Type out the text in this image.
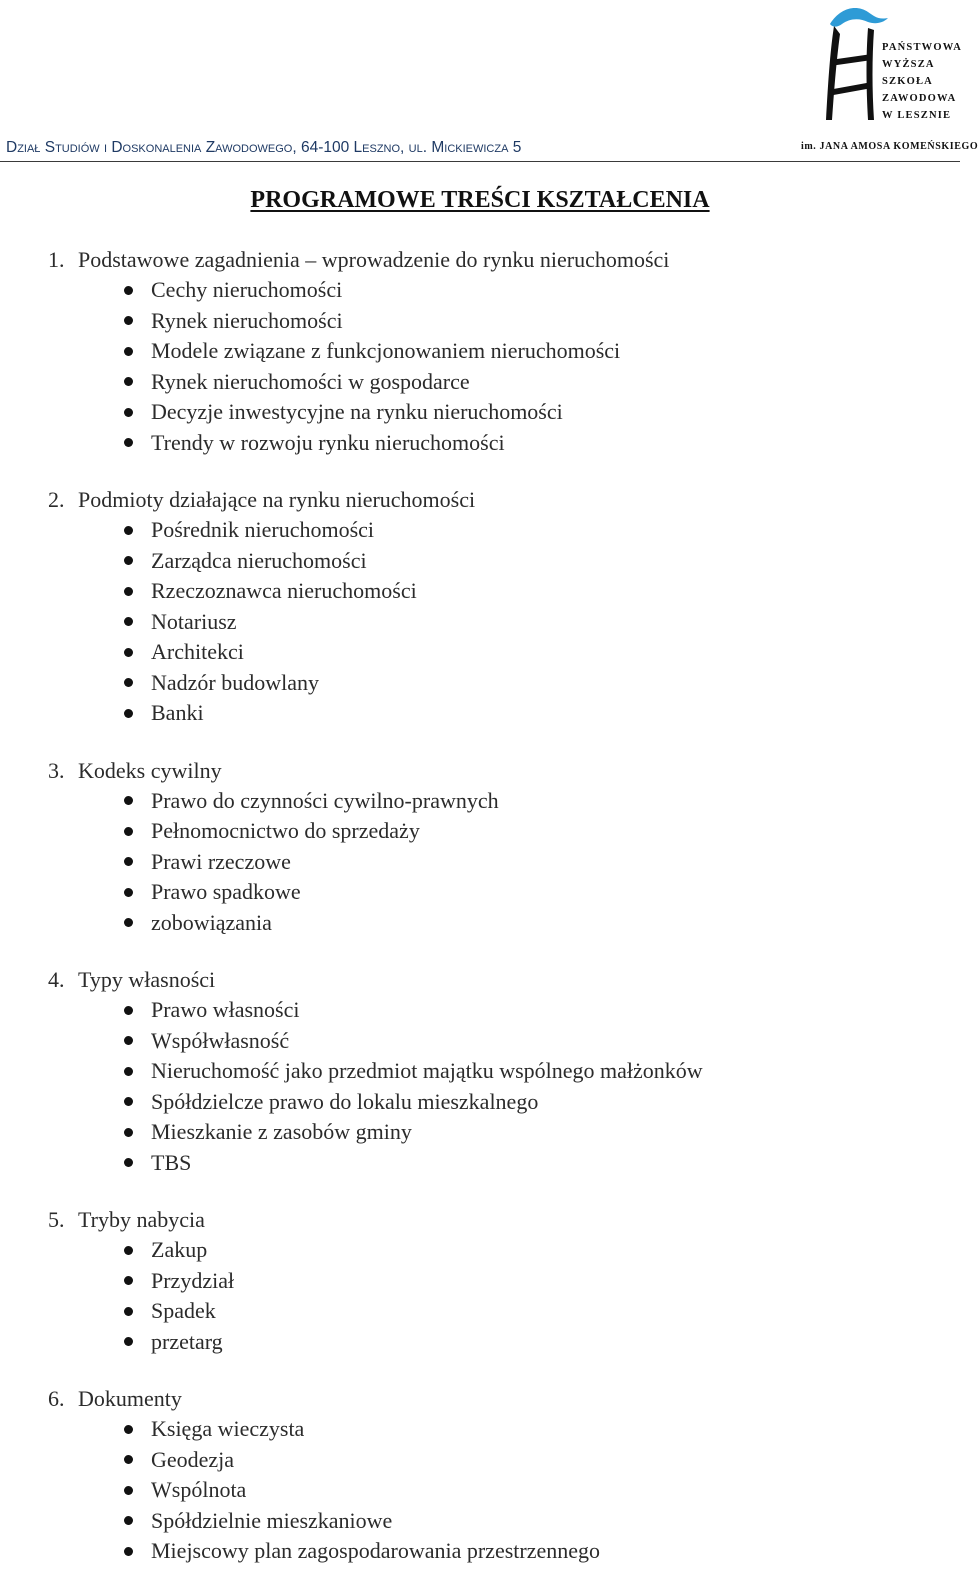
Dział Studiów i Doskonalenia Zawodowego, 64-100 Leszno, ul. Mickiewicza 5
PAŃSTWOWA
WYŻSZA
SZKOŁA
ZAWODOWA
W LESZNIE
im. JANA AMOSA KOMEŃSKIEGO
PROGRAMOWE TREŚCI KSZTAŁCENIA
1. Podstawowe zagadnienia – wprowadzenie do rynku nieruchomości
Cechy nieruchomości
Rynek nieruchomości
Modele związane z funkcjonowaniem nieruchomości
Rynek nieruchomości w gospodarce
Decyzje inwestycyjne na rynku nieruchomości
Trendy w rozwoju rynku nieruchomości
2. Podmioty działające na rynku nieruchomości
Pośrednik nieruchomości
Zarządca nieruchomości
Rzeczoznawca nieruchomości
Notariusz
Architekci
Nadzór budowlany
Banki
3. Kodeks cywilny
Prawo do czynności cywilno-prawnych
Pełnomocnictwo do sprzedaży
Prawi rzeczowe
Prawo spadkowe
zobowiązania
4. Typy własności
Prawo własności
Współwłasność
Nieruchomość jako przedmiot majątku wspólnego małżonków
Spółdzielcze prawo do lokalu mieszkalnego
Mieszkanie z zasobów gminy
TBS
5. Tryby nabycia
Zakup
Przydział
Spadek
przetarg
6. Dokumenty
Księga wieczysta
Geodezja
Wspólnota
Spółdzielnie mieszkaniowe
Miejscowy plan zagospodarowania przestrzennego
